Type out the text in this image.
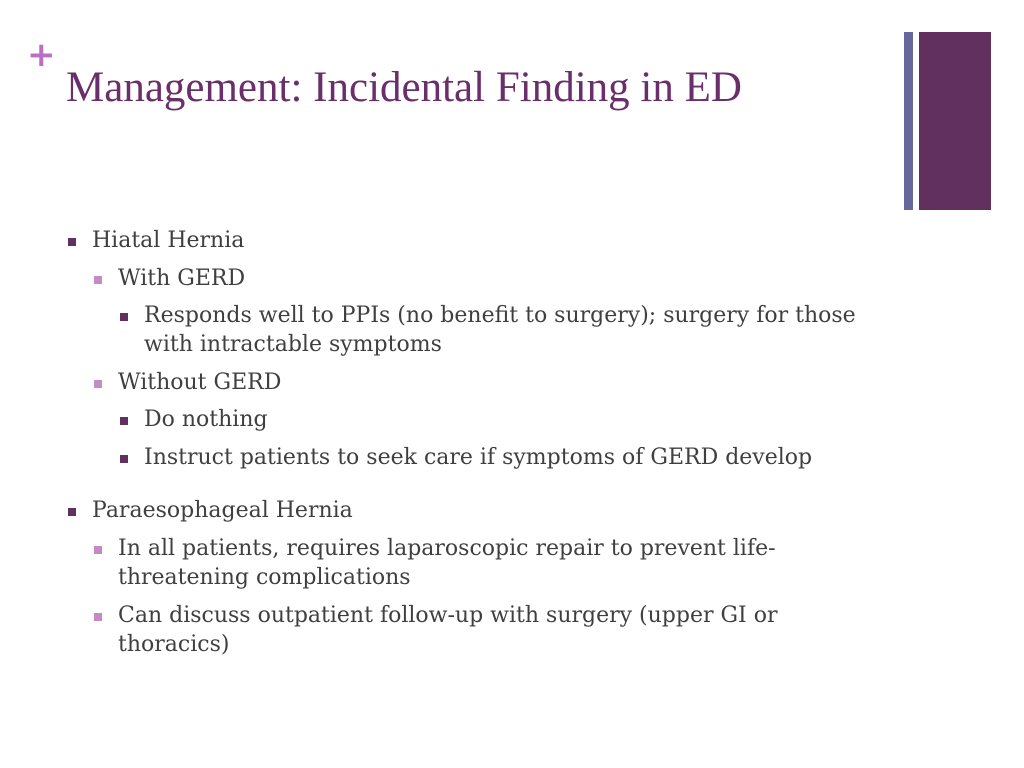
+
Management: Incidental Finding in ED
Hiatal Hernia
With GERD
Responds well to PPIs (no benefit to surgery); surgery for those with intractable symptoms
Without GERD
Do nothing
Instruct patients to seek care if symptoms of GERD develop
Paraesophageal Hernia
In all patients, requires laparoscopic repair to prevent life-threatening complications
Can discuss outpatient follow-up with surgery (upper GI or thoracics)
